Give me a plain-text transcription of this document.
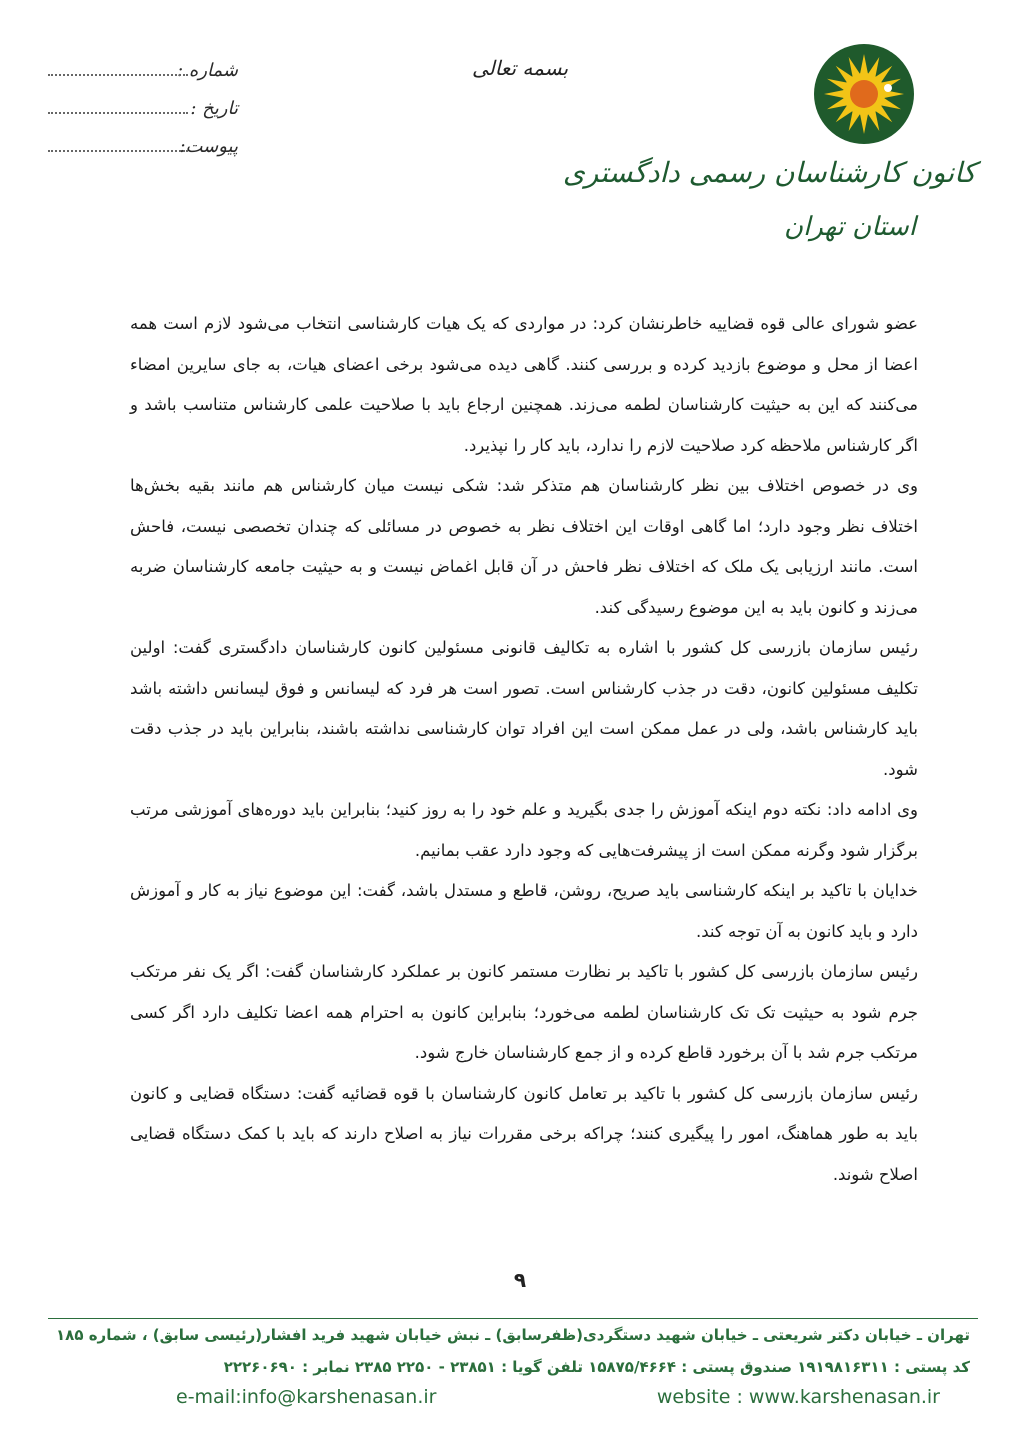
کانون کارشناسان رسمی دادگستری
استان تهران
بسمه تعالی
شماره :
تاریخ :
پیوست:

عضو شورای عالی قوه قضاییه خاطرنشان کرد: در مواردی که یک هیات کارشناسی انتخاب می‌شود لازم است همه اعضا از محل و موضوع بازدید کرده و بررسی کنند. گاهی دیده می‌شود برخی اعضای هیات، به جای سایرین امضاء می‌کنند که این به حیثیت کارشناسان لطمه می‌زند. همچنین ارجاع باید با صلاحیت علمی کارشناس متناسب باشد و اگر کارشناس ملاحظه کرد صلاحیت لازم را ندارد، باید کار را نپذیرد.

وی در خصوص اختلاف بین نظر کارشناسان هم متذکر شد: شکی نیست میان کارشناس هم مانند بقیه بخش‌ها اختلاف نظر وجود دارد؛ اما گاهی اوقات این اختلاف نظر به خصوص در مسائلی که چندان تخصصی نیست، فاحش است. مانند ارزیابی یک ملک که اختلاف نظر فاحش در آن قابل اغماض نیست و به حیثیت جامعه کارشناسان ضربه می‌زند و کانون باید به این موضوع رسیدگی کند.

رئیس سازمان بازرسی کل کشور با اشاره به تکالیف قانونی مسئولین کانون کارشناسان دادگستری گفت: اولین تکلیف مسئولین کانون، دقت در جذب کارشناس است. تصور است هر فرد که لیسانس و فوق لیسانس داشته باشد باید کارشناس باشد، ولی در عمل ممکن است این افراد توان کارشناسی نداشته باشند، بنابراین باید در جذب دقت شود.

وی ادامه داد: نکته دوم اینکه آموزش را جدی بگیرید و علم خود را به روز کنید؛ بنابراین باید دوره‌های آموزشی مرتب برگزار شود وگرنه ممکن است از پیشرفت‌هایی که وجود دارد عقب بمانیم.

خدایان با تاکید بر اینکه کارشناسی باید صریح، روشن، قاطع و مستدل باشد، گفت: این موضوع نیاز به کار و آموزش دارد و باید کانون به آن توجه کند.

رئیس سازمان بازرسی کل کشور با تاکید بر نظارت مستمر کانون بر عملکرد کارشناسان گفت: اگر یک نفر مرتکب جرم شود به حیثیت تک تک کارشناسان لطمه می‌خورد؛ بنابراین کانون به احترام همه اعضا تکلیف دارد اگر کسی مرتکب جرم شد با آن برخورد قاطع کرده و از جمع کارشناسان خارج شود.

رئیس سازمان بازرسی کل کشور با تاکید بر تعامل کانون کارشناسان با قوه قضائیه گفت: دستگاه قضایی و کانون باید به طور هماهنگ، امور را پیگیری کنند؛ چراکه برخی مقررات نیاز به اصلاح دارند که باید با کمک دستگاه قضایی اصلاح شوند.

۹
تهران ـ خیابان دکتر شریعتی ـ خیابان شهید دستگردی(ظفرسابق) ـ نبش خیابان شهید فرید افشار(رئیسی سابق) ، شماره ۱۸۵
کد پستی : ۱۹۱۹۸۱۶۳۱۱ صندوق پستی : ۱۵۸۷۵/۴۶۶۴ تلفن گویا : ۲۳۸۵۱ - ۲۲۵۰ ۲۳۸۵ نمابر : ۲۲۲۶۰۶۹۰
e-mail:info@karshenasan.ir	website : www.karshenasan.ir
